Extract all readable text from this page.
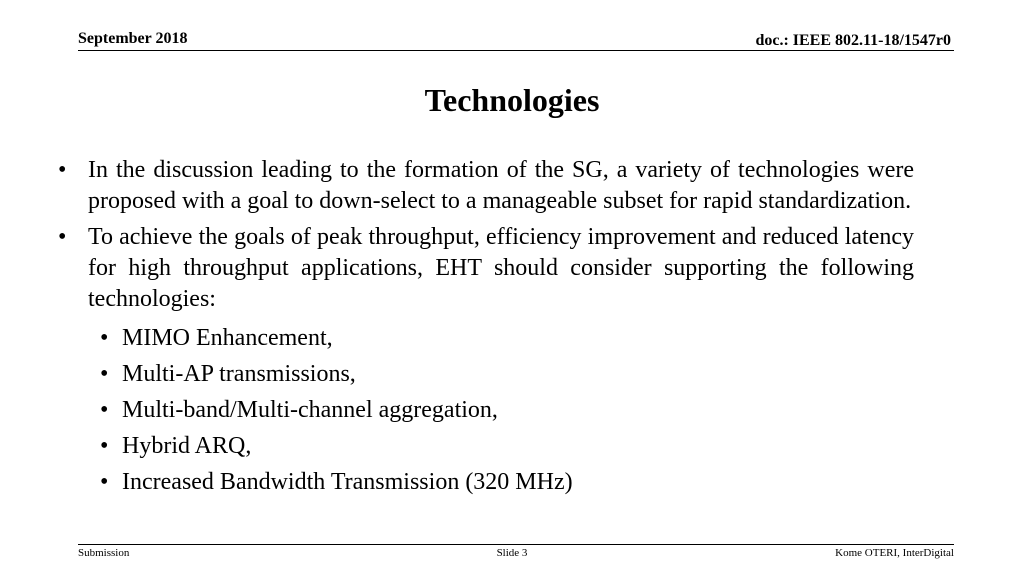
September 2018	doc.: IEEE 802.11-18/1547r0
Technologies
• In the discussion leading to the formation of the SG, a variety of technologies were proposed with a goal to down-select to a manageable subset for rapid standardization.
• To achieve the goals of peak throughput, efficiency improvement and reduced latency for high throughput applications, EHT should consider supporting the following technologies:
• MIMO Enhancement,
• Multi-AP transmissions,
• Multi-band/Multi-channel aggregation,
• Hybrid ARQ,
• Increased Bandwidth Transmission (320 MHz)
Submission	Slide 3	Kome OTERI, InterDigital
